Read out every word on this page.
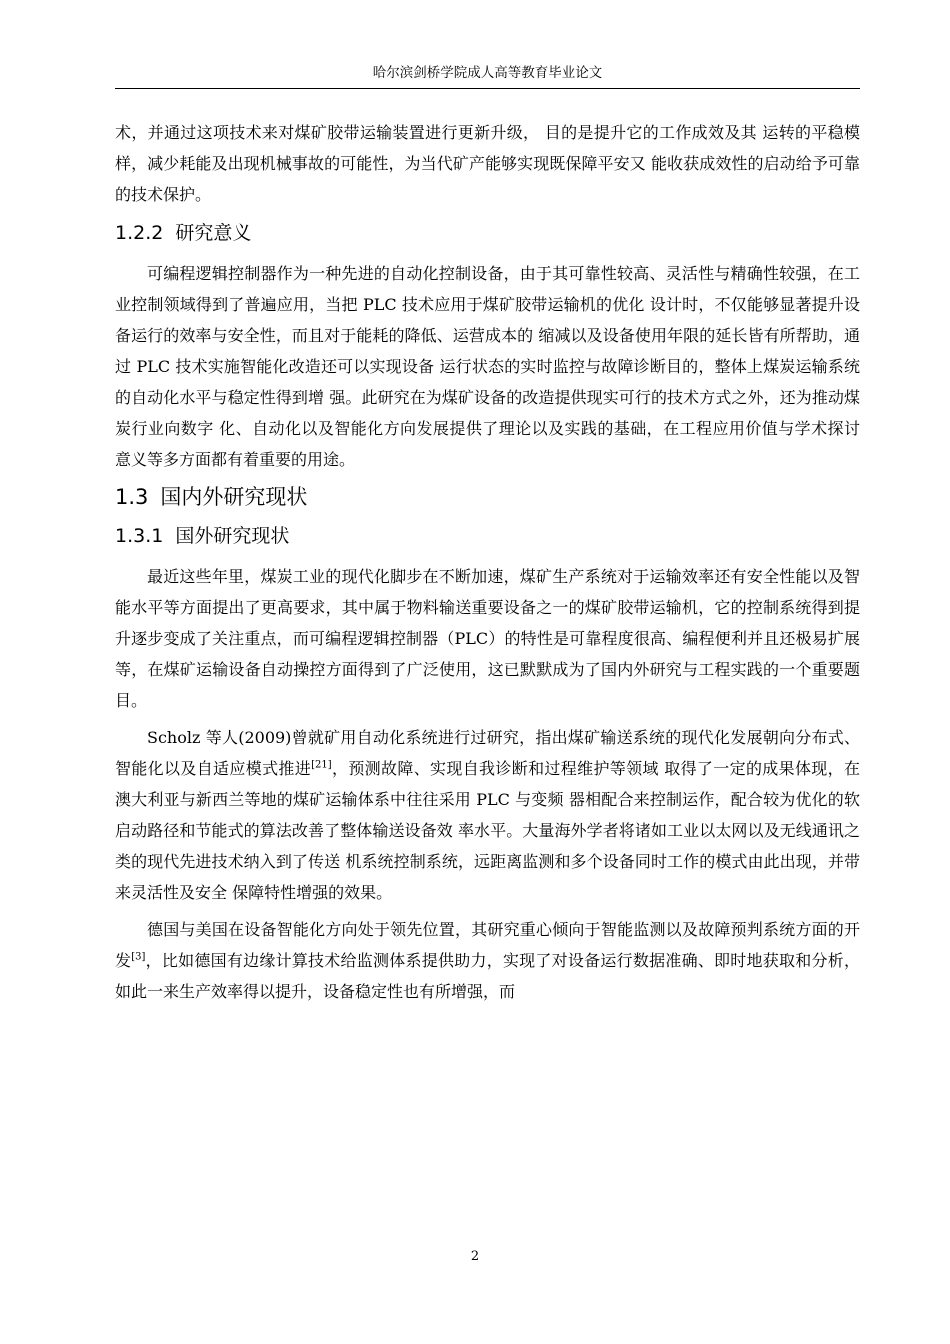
哈尔滨剑桥学院成人高等教育毕业论文

术，并通过这项技术来对煤矿胶带运输装置进行更新升级， 目的是提升它的工作成效及其 运转的平稳模样，减少耗能及出现机械事故的可能性，为当代矿产能够实现既保障平安又 能收获成效性的启动给予可靠的技术保护。

1.2.2 研究意义

可编程逻辑控制器作为一种先进的自动化控制设备，由于其可靠性较高、灵活性与精确性较强，在工业控制领域得到了普遍应用，当把 PLC 技术应用于煤矿胶带运输机的优化 设计时，不仅能够显著提升设备运行的效率与安全性，而且对于能耗的降低、运营成本的 缩减以及设备使用年限的延长皆有所帮助，通过 PLC 技术实施智能化改造还可以实现设备 运行状态的实时监控与故障诊断目的，整体上煤炭运输系统的自动化水平与稳定性得到增 强。此研究在为煤矿设备的改造提供现实可行的技术方式之外，还为推动煤炭行业向数字 化、自动化以及智能化方向发展提供了理论以及实践的基础，在工程应用价值与学术探讨 意义等多方面都有着重要的用途。

1.3 国内外研究现状
1.3.1 国外研究现状

最近这些年里，煤炭工业的现代化脚步在不断加速，煤矿生产系统对于运输效率还有安全性能以及智能水平等方面提出了更高要求，其中属于物料输送重要设备之一的煤矿胶带运输机，它的控制系统得到提升逐步变成了关注重点，而可编程逻辑控制器（PLC）的特性是可靠程度很高、编程便利并且还极易扩展等，在煤矿运输设备自动操控方面得到了广泛使用，这已默默成为了国内外研究与工程实践的一个重要题目。

Scholz 等人(2009)曾就矿用自动化系统进行过研究，指出煤矿输送系统的现代化发展朝向分布式、智能化以及自适应模式推进[21]，预测故障、实现自我诊断和过程维护等领域 取得了一定的成果体现，在澳大利亚与新西兰等地的煤矿运输体系中往往采用 PLC 与变频 器相配合来控制运作，配合较为优化的软启动路径和节能式的算法改善了整体输送设备效 率水平。大量海外学者将诸如工业以太网以及无线通讯之类的现代先进技术纳入到了传送 机系统控制系统，远距离监测和多个设备同时工作的模式由此出现，并带来灵活性及安全 保障特性增强的效果。

德国与美国在设备智能化方向处于领先位置，其研究重心倾向于智能监测以及故障预判系统方面的开发[3]，比如德国有边缘计算技术给监测体系提供助力，实现了对设备运行数据准确、即时地获取和分析，如此一来生产效率得以提升，设备稳定性也有所增强，而

2
